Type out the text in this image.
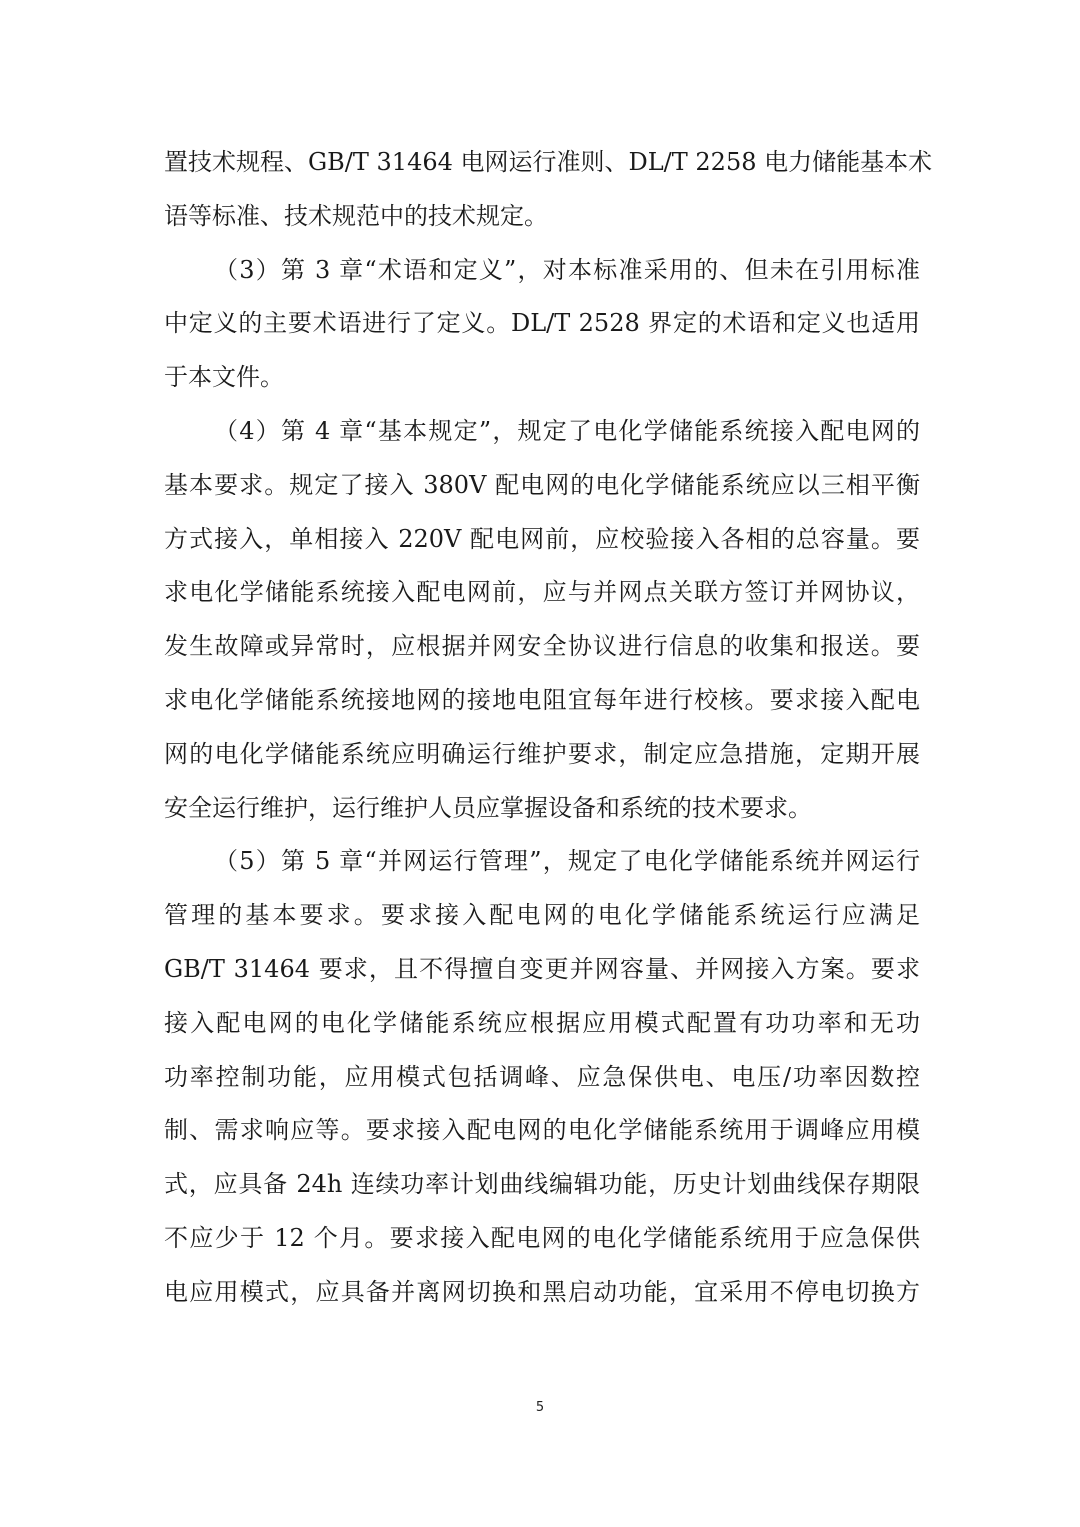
置技术规程、GB/T 31464 电网运行准则、DL/T 2258 电力储能基本术
语等标准、技术规范中的技术规定。
（3）第 3 章“术语和定义”，对本标准采用的、但未在引用标准
中定义的主要术语进行了定义。DL/T 2528 界定的术语和定义也适用
于本文件。
（4）第 4 章“基本规定”，规定了电化学储能系统接入配电网的
基本要求。规定了接入 380V 配电网的电化学储能系统应以三相平衡
方式接入，单相接入 220V 配电网前，应校验接入各相的总容量。要
求电化学储能系统接入配电网前，应与并网点关联方签订并网协议，
发生故障或异常时，应根据并网安全协议进行信息的收集和报送。要
求电化学储能系统接地网的接地电阻宜每年进行校核。要求接入配电
网的电化学储能系统应明确运行维护要求，制定应急措施，定期开展
安全运行维护，运行维护人员应掌握设备和系统的技术要求。
（5）第 5 章“并网运行管理”，规定了电化学储能系统并网运行
管理的基本要求。要求接入配电网的电化学储能系统运行应满足
GB/T 31464 要求，且不得擅自变更并网容量、并网接入方案。要求
接入配电网的电化学储能系统应根据应用模式配置有功功率和无功
功率控制功能，应用模式包括调峰、应急保供电、电压/功率因数控
制、需求响应等。要求接入配电网的电化学储能系统用于调峰应用模
式，应具备 24h 连续功率计划曲线编辑功能，历史计划曲线保存期限
不应少于 12 个月。要求接入配电网的电化学储能系统用于应急保供
电应用模式，应具备并离网切换和黑启动功能，宜采用不停电切换方
5
